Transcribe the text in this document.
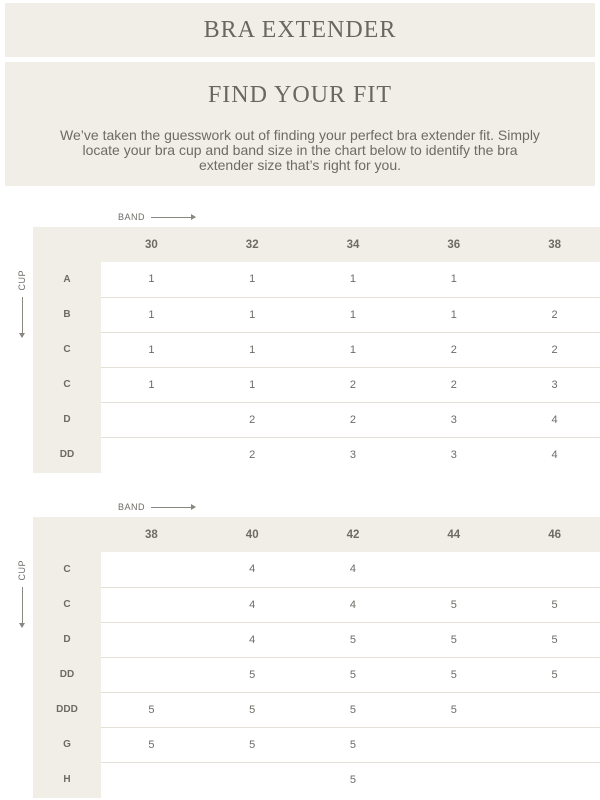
BRA EXTENDER
FIND YOUR FIT

We’ve taken the guesswork out of finding your perfect bra extender fit. Simply locate your bra cup and band size in the chart below to identify the bra extender size that’s right for you.

BAND
CUP
	30	32	34	36	38
A	1	1	1	1	
B	1	1	1	1	2
C	1	1	1	2	2
C	1	1	2	2	3
D		2	2	3	4
DD		2	3	3	4
BAND
CUP
	38	40	42	44	46
C		4	4		
C		4	4	5	5
D		4	5	5	5
DD		5	5	5	5
DDD	5	5	5	5	
G	5	5	5		
H			5		
